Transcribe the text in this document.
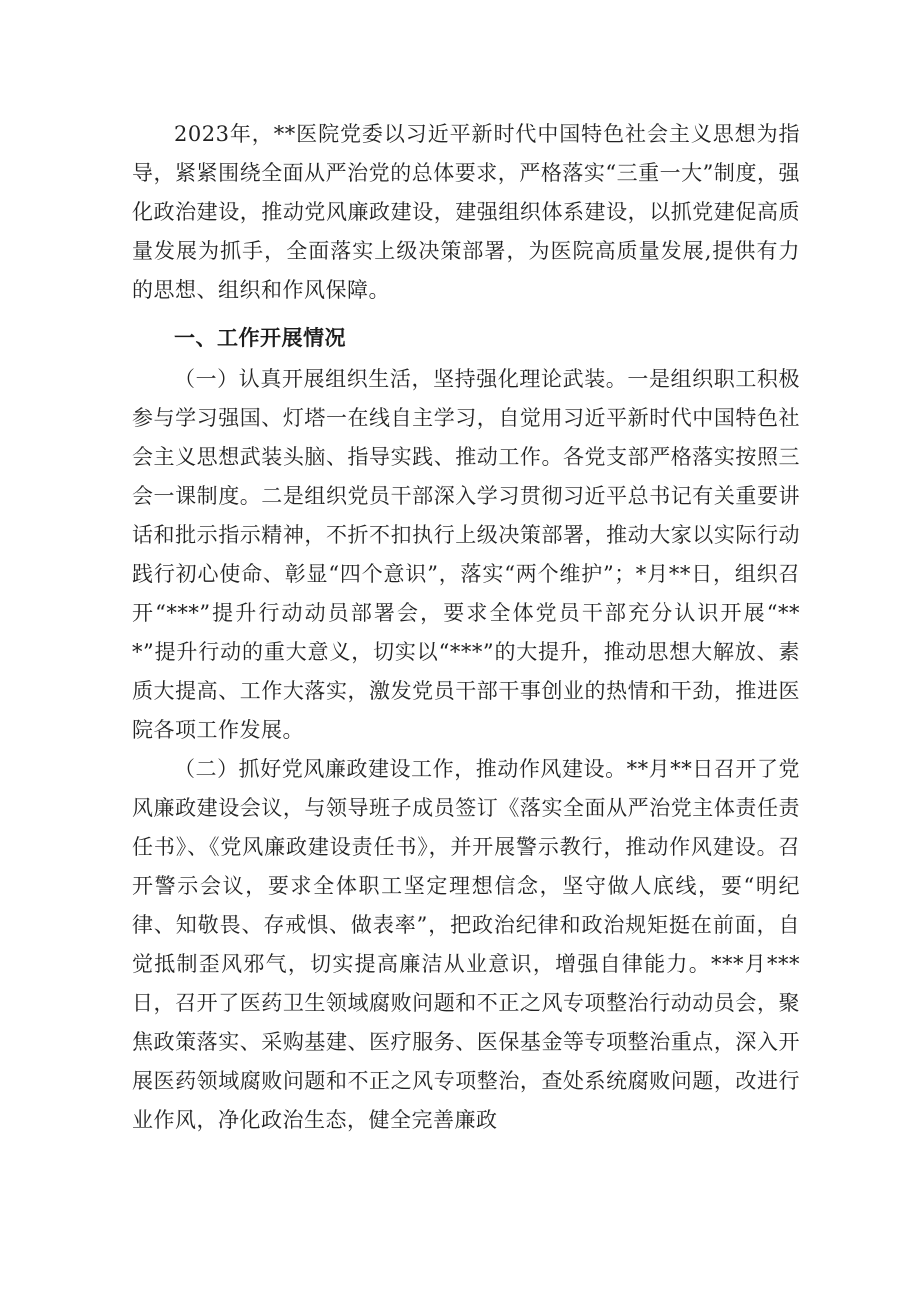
2023年，**医院党委以习近平新时代中国特色社会主义思想为指导，紧紧围绕全面从严治党的总体要求，严格落实“三重一大”制度，强化政治建设，推动党风廉政建设，建强组织体系建设，以抓党建促高质量发展为抓手，全面落实上级决策部署，为医院高质量发展,提供有力的思想、组织和作风保障。

一、工作开展情况

（一）认真开展组织生活，坚持强化理论武装。一是组织职工积极参与学习强国、灯塔一在线自主学习，自觉用习近平新时代中国特色社会主义思想武装头脑、指导实践、推动工作。各党支部严格落实按照三会一课制度。二是组织党员干部深入学习贯彻习近平总书记有关重要讲话和批示指示精神，不折不扣执行上级决策部署，推动大家以实际行动践行初心使命、彰显“四个意识”，落实“两个维护”；*月**日，组织召开“***”提升行动动员部署会，要求全体党员干部充分认识开展“***”提升行动的重大意义，切实以“***”的大提升，推动思想大解放、素质大提高、工作大落实，激发党员干部干事创业的热情和干劲，推进医院各项工作发展。

（二）抓好党风廉政建设工作，推动作风建设。**月**日召开了党风廉政建设会议，与领导班子成员签订《落实全面从严治党主体责任责任书》、《党风廉政建设责任书》，并开展警示教行，推动作风建设。召开警示会议，要求全体职工坚定理想信念，坚守做人底线，要“明纪律、知敬畏、存戒惧、做表率”，把政治纪律和政治规矩挺在前面，自觉抵制歪风邪气，切实提高廉洁从业意识，增强自律能力。***月***日，召开了医药卫生领域腐败问题和不正之风专项整治行动动员会，聚焦政策落实、采购基建、医疗服务、医保基金等专项整治重点，深入开展医药领域腐败问题和不正之风专项整治，查处系统腐败问题，改进行业作风，净化政治生态，健全完善廉政
